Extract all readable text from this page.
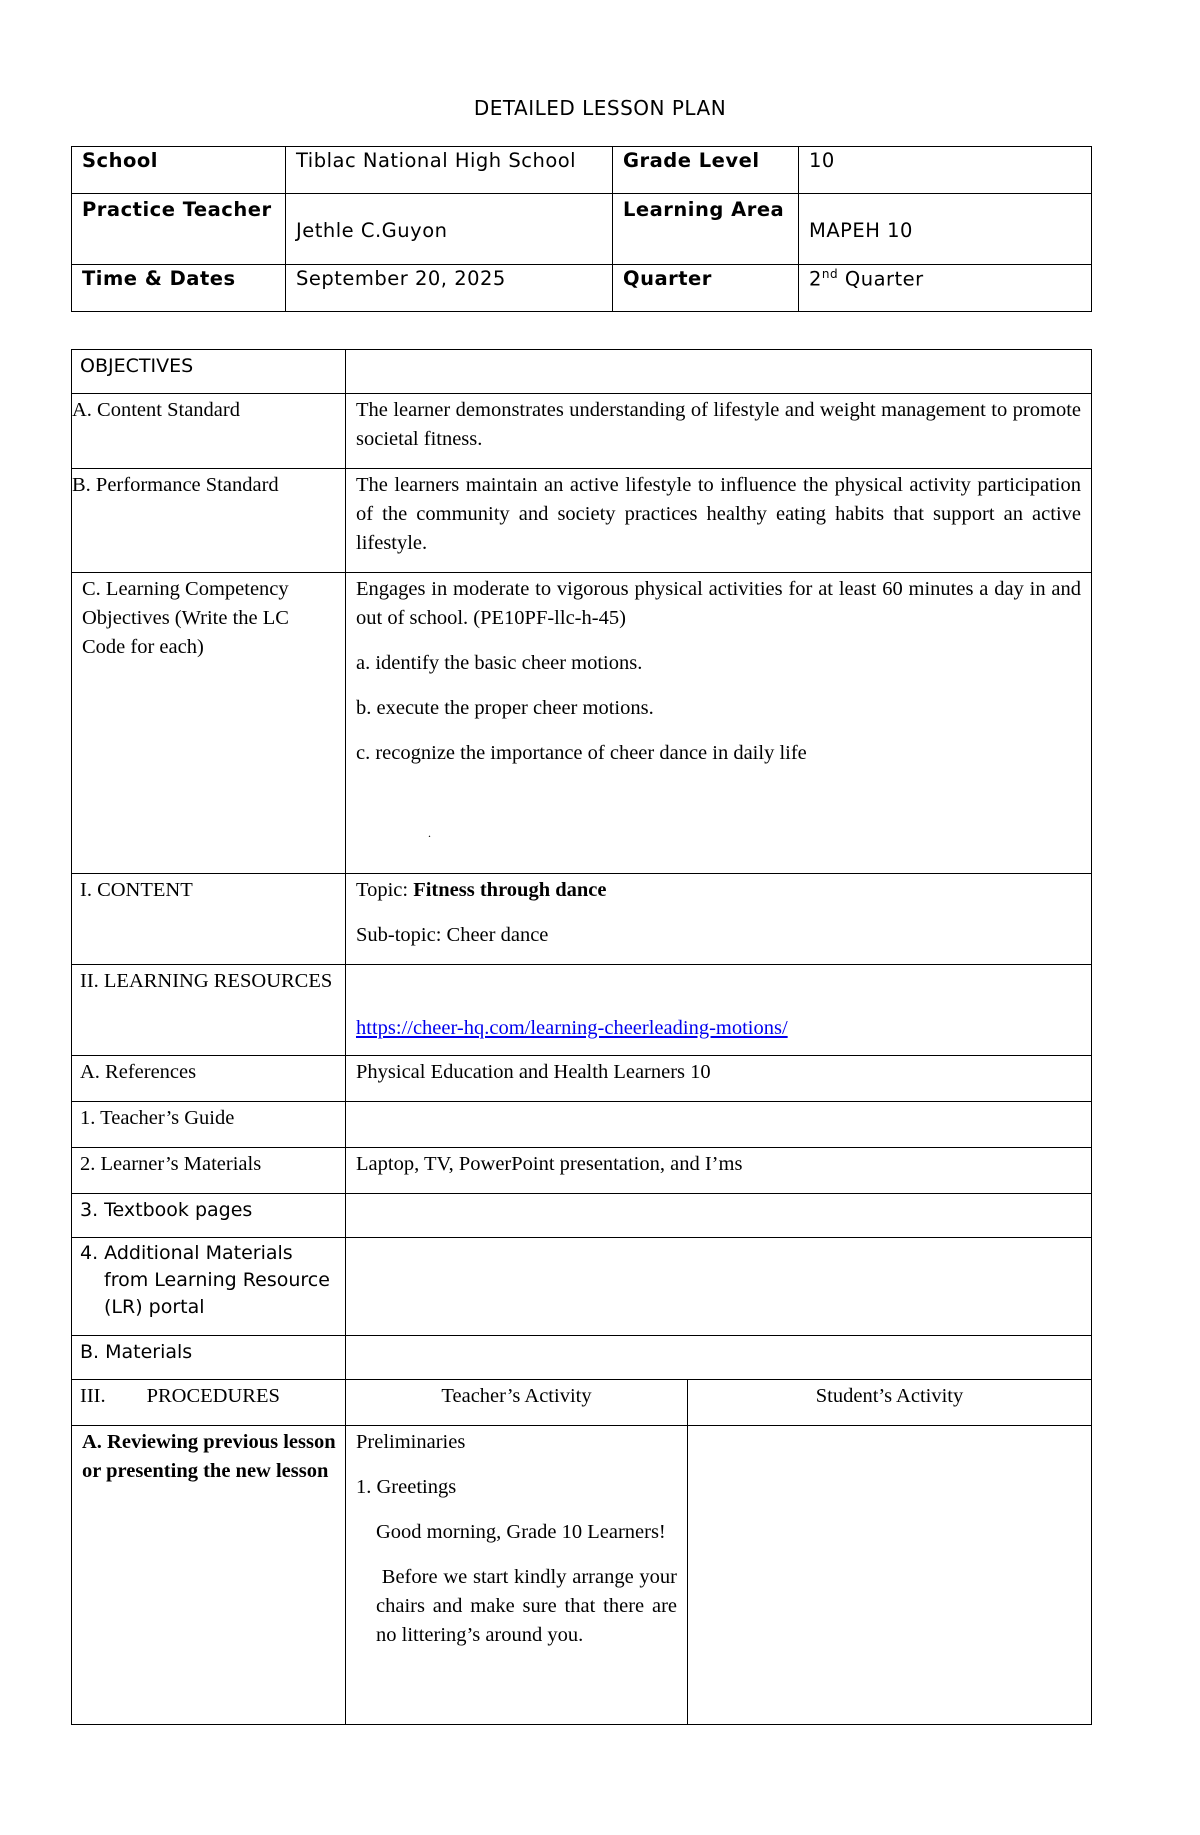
DETAILED LESSON PLAN
School	Tiblac National High School	Grade Level	10
Practice Teacher	Jethle C.Guyon	Learning Area	MAPEH 10
Time & Dates	September 20, 2025	Quarter	2nd Quarter
OBJECTIVES		
A. Content Standard	The learner demonstrates understanding of lifestyle and weight management to promote societal fitness.	
B. Performance Standard	The learners maintain an active lifestyle to influence the physical activity participation of the community and society practices healthy eating habits that support an active lifestyle.	
C. Learning Competency Objectives (Write the LC Code for each)	Engages in moderate to vigorous physical activities for at least 60 minutes a day in and out of school. (PE10PF-llc-h-45)

a. identify the basic cheer motions.

b. execute the proper cheer motions.

c. recognize the importance of cheer dance in daily life

.	

I. CONTENT	Topic: Fitness through dance

Sub-topic: Cheer dance	

II. LEARNING RESOURCES	https://cheer-hq.com/learning-cheerleading-motions/	
A. References	Physical Education and Health Learners 10	
1. Teacher’s Guide		
2. Learner’s Materials	Laptop, TV, PowerPoint presentation, and I’ms	
3. Textbook pages		

4. Additional Materials from Learning Resource (LR) portal		

B. Materials		
III.        PROCEDURES	Teacher’s Activity	Student’s Activity
A. Reviewing previous lesson or presenting the new lesson	Preliminaries

1. Greetings

Good morning, Grade 10 Learners!

Before we start kindly arrange your chairs and make sure that there are no littering’s around you.	
